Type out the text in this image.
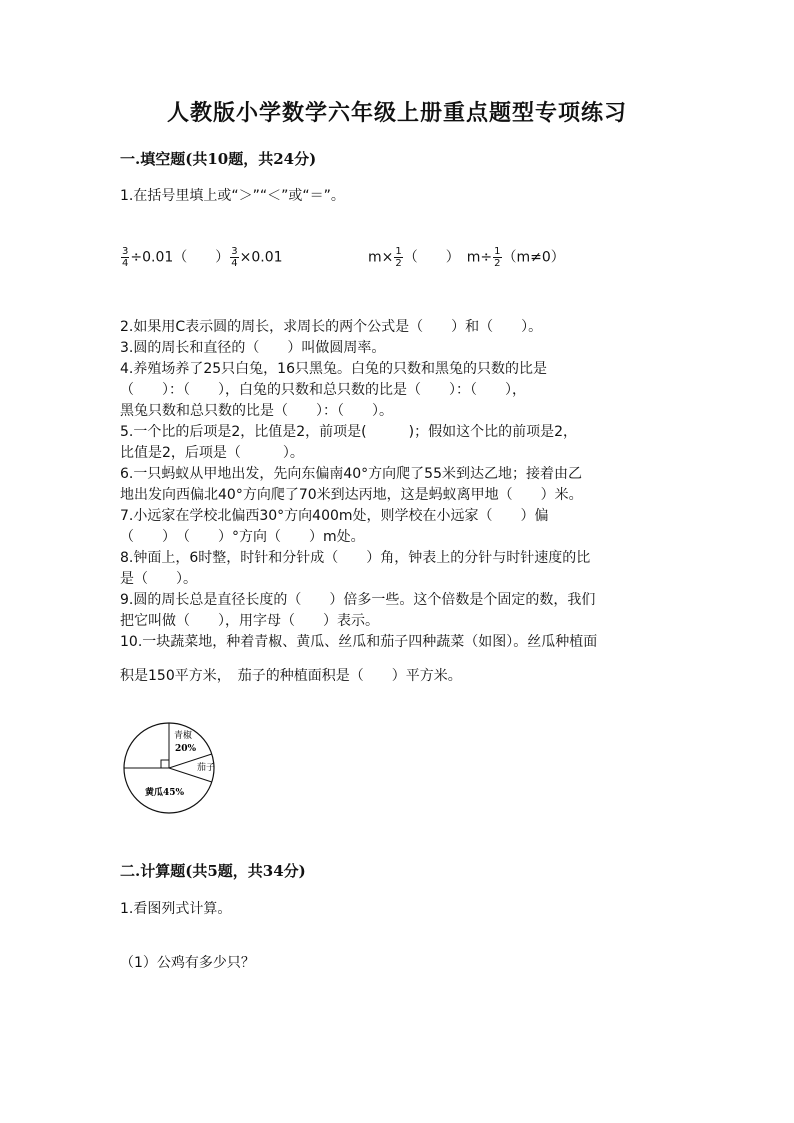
人教版小学数学六年级上册重点题型专项练习
一.填空题(共10题，共24分)
1.在括号里填上或“＞”“＜”或“＝”。
$\frac{3}{4} \div 0.01$（　　） $\frac{3}{4} \times 0.01$	$m\times \frac{1}{2}$ （　　）　$m\div \frac{1}{2} (m\ne 0)$
2.如果用C表示圆的周长，求周长的两个公式是（　　）和（　　）。
3.圆的周长和直径的（　　）叫做圆周率。
4.养殖场养了25只白兔，16只黑兔。白兔的只数和黑兔的只数的比是
（　　）：（　　），白兔的只数和总只数的比是（　　）：（　　），
黑兔只数和总只数的比是（　　）：（　　）。
5.一个比的后项是2，比值是2，前项是(　　　)；假如这个比的前项是2，
比值是2，后项是（　　　）。
6.一只蚂蚁从甲地出发，先向东偏南40°方向爬了55米到达乙地；接着由乙
地出发向西偏北40°方向爬了70米到达丙地，这是蚂蚁离甲地（　　）米。
7.小远家在学校北偏西30°方向400m处，则学校在小远家（　　）偏
（　　）　（　　）°方向（　　）m处。
8.钟面上，6时整，时针和分针成（　　）角，钟表上的分针与时针速度的比
是（　　）。
9.圆的周长总是直径长度的（　　）倍多一些。这个倍数是个固定的数，我们
把它叫做（　　），用字母（　　）表示。
10.一块蔬菜地，种着青椒、黄瓜、丝瓜和茄子四种蔬菜（如图）。丝瓜种植面
积是150平方米，　茄子的种植面积是（　　）平方米。
青椒
20%
茄子
黄瓜45%
二.计算题(共5题，共34分)
1.看图列式计算。
（1）公鸡有多少只？
